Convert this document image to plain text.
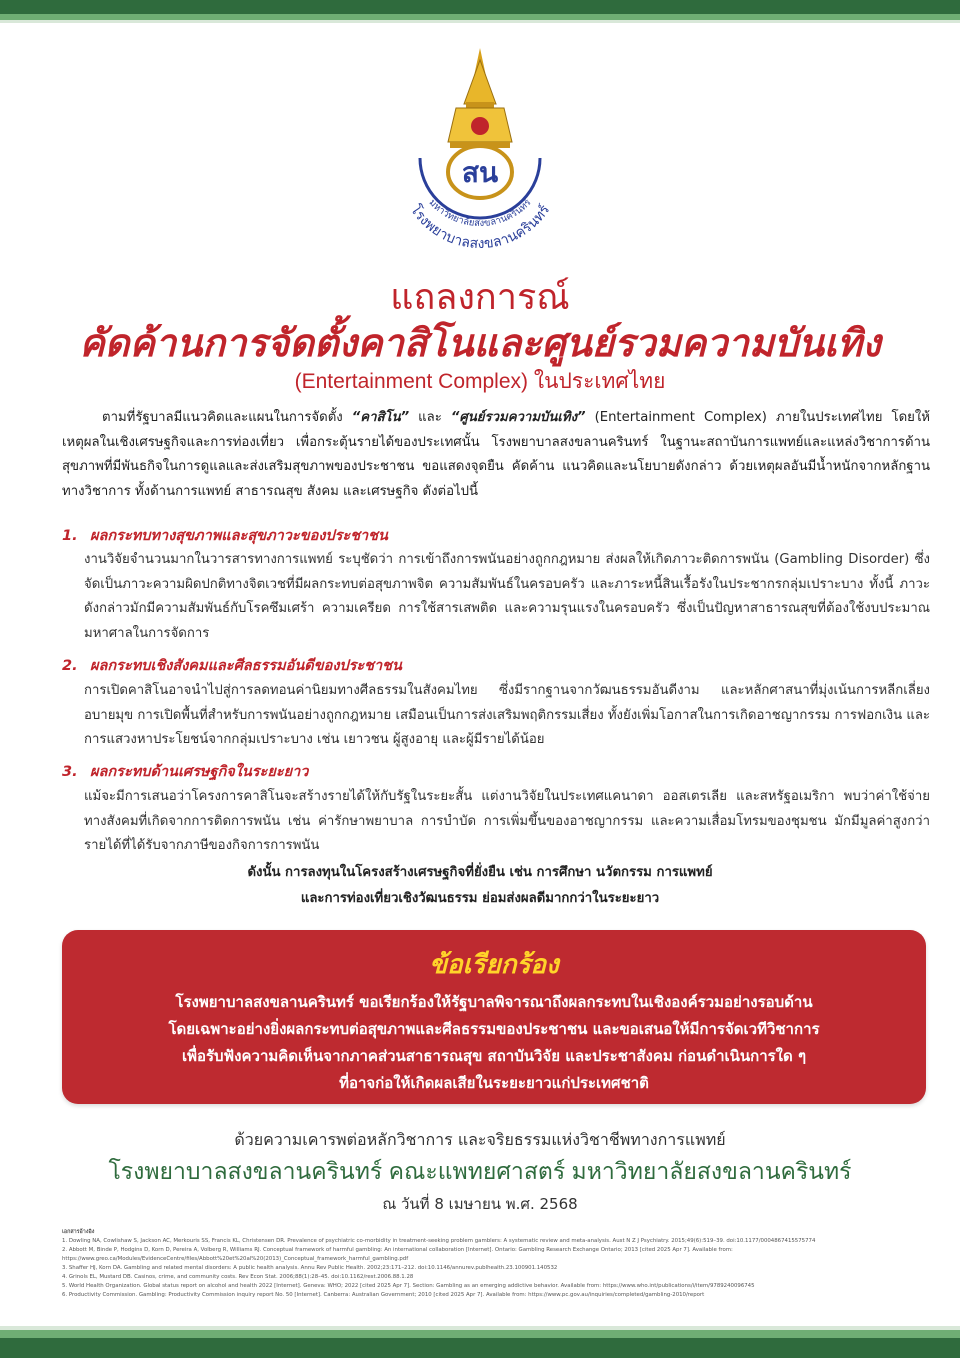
สน
มหาวิทยาลัยสงขลานครินทร์
โรงพยาบาลสงขลานครินทร์
แถลงการณ์
คัดค้านการจัดตั้งคาสิโนและศูนย์รวมความบันเทิง
(Entertainment Complex) ในประเทศไทย
ตามที่รัฐบาลมีแนวคิดและแผนในการจัดตั้ง “คาสิโน” และ “ศูนย์รวมความบันเทิง” (Entertainment Complex) ภายในประเทศไทย โดยให้เหตุผลในเชิงเศรษฐกิจและการท่องเที่ยว เพื่อกระตุ้นรายได้ของประเทศนั้น โรงพยาบาลสงขลานครินทร์ ในฐานะสถาบันการแพทย์และแหล่งวิชาการด้านสุขภาพที่มีพันธกิจในการดูแลและส่งเสริมสุขภาพของประชาชน ขอแสดงจุดยืน คัดค้าน แนวคิดและนโยบายดังกล่าว ด้วยเหตุผลอันมีน้ำหนักจากหลักฐานทางวิชาการ ทั้งด้านการแพทย์ สาธารณสุข สังคม และเศรษฐกิจ ดังต่อไปนี้
1. ผลกระทบทางสุขภาพและสุขภาวะของประชาชน
งานวิจัยจำนวนมากในวารสารทางการแพทย์ ระบุชัดว่า การเข้าถึงการพนันอย่างถูกกฎหมาย ส่งผลให้เกิดภาวะติดการพนัน (Gambling Disorder) ซึ่งจัดเป็นภาวะความผิดปกติทางจิตเวชที่มีผลกระทบต่อสุขภาพจิต ความสัมพันธ์ในครอบครัว และภาระหนี้สินเรื้อรังในประชากรกลุ่มเปราะบาง ทั้งนี้ ภาวะดังกล่าวมักมีความสัมพันธ์กับโรคซึมเศร้า ความเครียด การใช้สารเสพติด และความรุนแรงในครอบครัว ซึ่งเป็นปัญหาสาธารณสุขที่ต้องใช้งบประมาณมหาศาลในการจัดการ
2. ผลกระทบเชิงสังคมและศีลธรรมอันดีของประชาชน
การเปิดคาสิโนอาจนำไปสู่การลดทอนค่านิยมทางศีลธรรมในสังคมไทย ซึ่งมีรากฐานจากวัฒนธรรมอันดีงาม และหลักศาสนาที่มุ่งเน้นการหลีกเลี่ยงอบายมุข การเปิดพื้นที่สำหรับการพนันอย่างถูกกฎหมาย เสมือนเป็นการส่งเสริมพฤติกรรมเสี่ยง ทั้งยังเพิ่มโอกาสในการเกิดอาชญากรรม การฟอกเงิน และการแสวงหาประโยชน์จากกลุ่มเปราะบาง เช่น เยาวชน ผู้สูงอายุ และผู้มีรายได้น้อย
3. ผลกระทบด้านเศรษฐกิจในระยะยาว
แม้จะมีการเสนอว่าโครงการคาสิโนจะสร้างรายได้ให้กับรัฐในระยะสั้น แต่งานวิจัยในประเทศแคนาดา ออสเตรเลีย และสหรัฐอเมริกา พบว่าค่าใช้จ่ายทางสังคมที่เกิดจากการติดการพนัน เช่น ค่ารักษาพยาบาล การบำบัด การเพิ่มขึ้นของอาชญากรรม และความเสื่อมโทรมของชุมชน มักมีมูลค่าสูงกว่ารายได้ที่ได้รับจากภาษีของกิจการการพนัน
ดังนั้น การลงทุนในโครงสร้างเศรษฐกิจที่ยั่งยืน เช่น การศึกษา นวัตกรรม การแพทย์
และการท่องเที่ยวเชิงวัฒนธรรม ย่อมส่งผลดีมากกว่าในระยะยาว
ข้อเรียกร้อง
โรงพยาบาลสงขลานครินทร์ ขอเรียกร้องให้รัฐบาลพิจารณาถึงผลกระทบในเชิงองค์รวมอย่างรอบด้าน
โดยเฉพาะอย่างยิ่งผลกระทบต่อสุขภาพและศีลธรรมของประชาชน และขอเสนอให้มีการจัดเวทีวิชาการ
เพื่อรับฟังความคิดเห็นจากภาคส่วนสาธารณสุข สถาบันวิจัย และประชาสังคม ก่อนดำเนินการใด ๆ
ที่อาจก่อให้เกิดผลเสียในระยะยาวแก่ประเทศชาติ
ด้วยความเคารพต่อหลักวิชาการ และจริยธรรมแห่งวิชาชีพทางการแพทย์
โรงพยาบาลสงขลานครินทร์ คณะแพทยศาสตร์ มหาวิทยาลัยสงขลานครินทร์
ณ วันที่ 8 เมษายน พ.ศ. 2568
เอกสารอ้างอิง
1. Dowling NA, Cowlishaw S, Jackson AC, Merkouris SS, Francis KL, Christensen DR. Prevalence of psychiatric co-morbidity in treatment-seeking problem gamblers: A systematic review and meta-analysis. Aust N Z J Psychiatry. 2015;49(6):519–39. doi:10.1177/0004867415575774
2. Abbott M, Binde P, Hodgins D, Korn D, Pereira A, Volberg R, Williams RJ. Conceptual framework of harmful gambling: An international collaboration [Internet]. Ontario: Gambling Research Exchange Ontario; 2013 [cited 2025 Apr 7]. Available from:
https://www.greo.ca/Modules/EvidenceCentre/files/Abbott%20et%20al%20(2013)_Conceptual_framework_harmful_gambling.pdf
3. Shaffer HJ, Korn DA. Gambling and related mental disorders: A public health analysis. Annu Rev Public Health. 2002;23:171–212. doi:10.1146/annurev.publhealth.23.100901.140532
4. Grinols EL, Mustard DB. Casinos, crime, and community costs. Rev Econ Stat. 2006;88(1):28–45. doi:10.1162/rest.2006.88.1.28
5. World Health Organization. Global status report on alcohol and health 2022 [Internet]. Geneva: WHO; 2022 [cited 2025 Apr 7]. Section: Gambling as an emerging addictive behavior. Available from: https://www.who.int/publications/i/item/9789240096745
6. Productivity Commission. Gambling: Productivity Commission inquiry report No. 50 [Internet]. Canberra: Australian Government; 2010 [cited 2025 Apr 7]. Available from: https://www.pc.gov.au/inquiries/completed/gambling-2010/report
